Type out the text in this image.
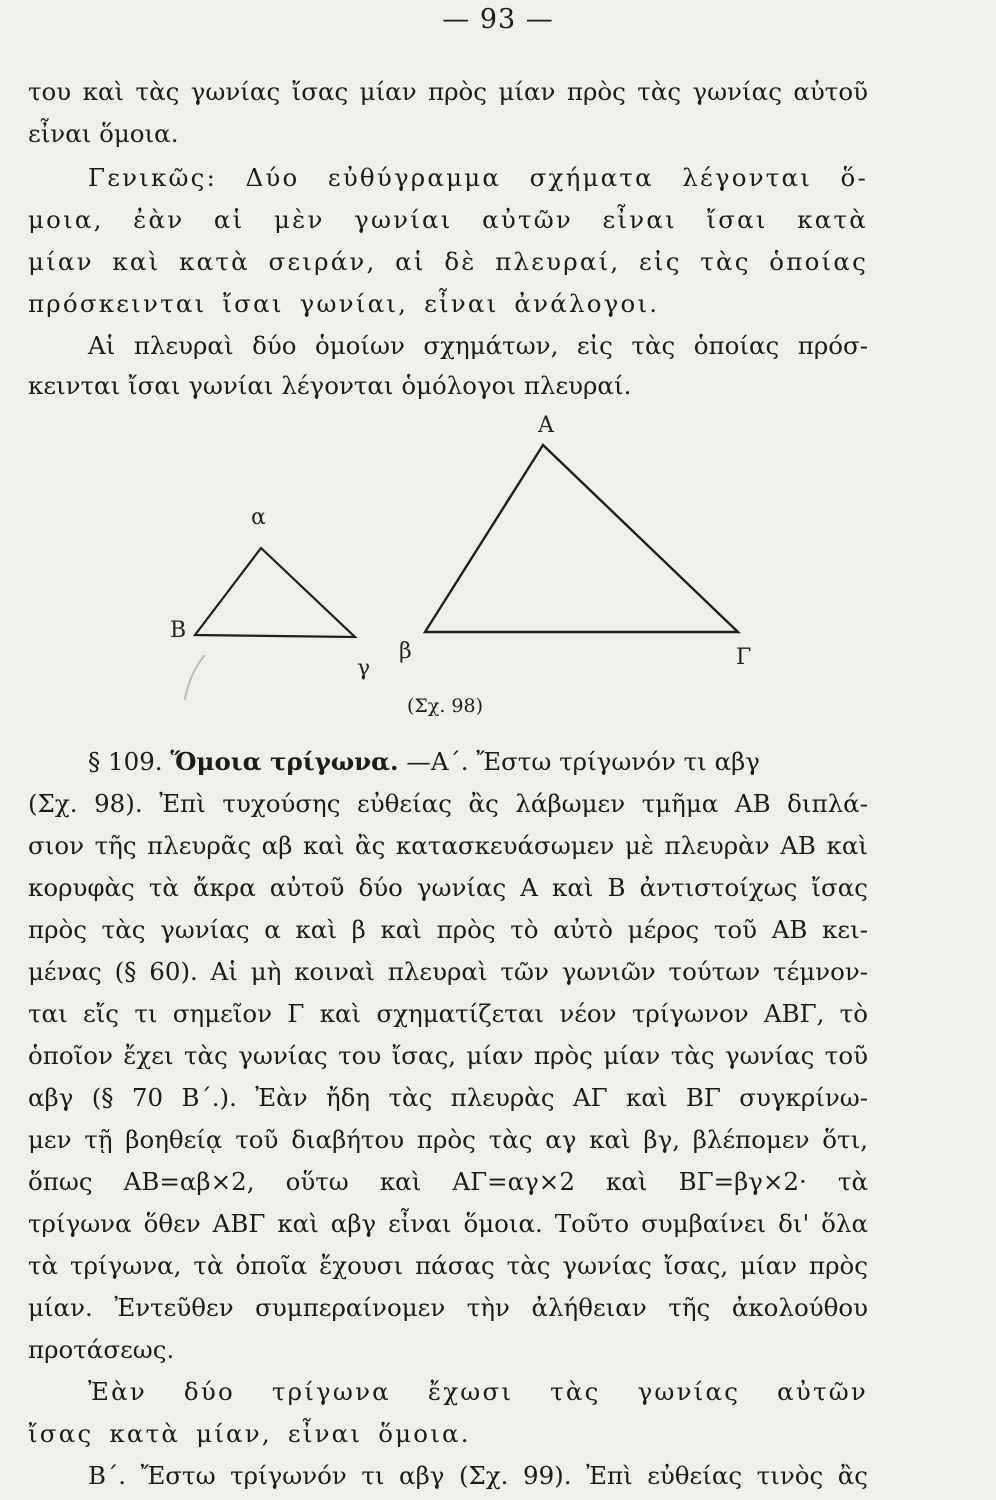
— 93 —
του καὶ τὰς γωνίας ἴσας μίαν πρὸς μίαν πρὸς τὰς γωνίας αὐτοῦ
εἶναι ὅμοια.
Γενικῶς: Δύο εὐθύγραμμα σχήματα λέγονται ὅ-
μοια, ἐὰν αἱ μὲν γωνίαι αὐτῶν εἶναι ἴσαι κατὰ
μίαν καὶ κατὰ σειράν, αἱ δὲ πλευραί, εἰς τὰς ὁποίας
πρόσκεινται ἴσαι γωνίαι, εἶναι ἀνάλογοι.
Αἱ πλευραὶ δύο ὁμοίων σχημάτων, εἰς τὰς ὁποίας πρόσ-
κεινται ἴσαι γωνίαι λέγονται ὁμόλογοι πλευραί.
α
Β
γ
Α
β	Γ
(Σχ. 98)
§ 109. Ὅμοια τρίγωνα. —Α΄. Ἔστω τρίγωνόν τι αβγ
(Σχ. 98). Ἐπὶ τυχούσης εὐθείας ἂς λάβωμεν τμῆμα ΑΒ διπλά-
σιον τῆς πλευρᾶς αβ καὶ ἂς κατασκευάσωμεν μὲ πλευρὰν ΑΒ καὶ
κορυφὰς τὰ ἄκρα αὐτοῦ δύο γωνίας Α καὶ Β ἀντιστοίχως ἴσας
πρὸς τὰς γωνίας α καὶ β καὶ πρὸς τὸ αὐτὸ μέρος τοῦ ΑΒ κει-
μένας (§ 60). Αἱ μὴ κοιναὶ πλευραὶ τῶν γωνιῶν τούτων τέμνον-
ται εἴς τι σημεῖον Γ καὶ σχηματίζεται νέον τρίγωνον ΑΒΓ, τὸ
ὁποῖον ἔχει τὰς γωνίας του ἴσας, μίαν πρὸς μίαν τὰς γωνίας τοῦ
αβγ (§ 70 Β΄.). Ἐὰν ἤδη τὰς πλευρὰς ΑΓ καὶ ΒΓ συγκρίνω-
μεν τῇ βοηθείᾳ τοῦ διαβήτου πρὸς τὰς αγ καὶ βγ, βλέπομεν ὅτι,
ὅπως ΑΒ=αβ×2, οὕτω καὶ ΑΓ=αγ×2 καὶ ΒΓ=βγ×2· τὰ
τρίγωνα ὅθεν ΑΒΓ καὶ αβγ εἶναι ὅμοια. Τοῦτο συμβαίνει δι' ὅλα
τὰ τρίγωνα, τὰ ὁποῖα ἔχουσι πάσας τὰς γωνίας ἴσας, μίαν πρὸς
μίαν. Ἐντεῦθεν συμπεραίνομεν τὴν ἀλήθειαν τῆς ἀκολούθου
προτάσεως.
Ἐὰν δύο τρίγωνα ἔχωσι τὰς γωνίας αὐτῶν
ἴσας κατὰ μίαν, εἶναι ὅμοια.
Β΄. Ἔστω τρίγωνόν τι αβγ (Σχ. 99). Ἐπὶ εὐθείας τινὸς ἂς
